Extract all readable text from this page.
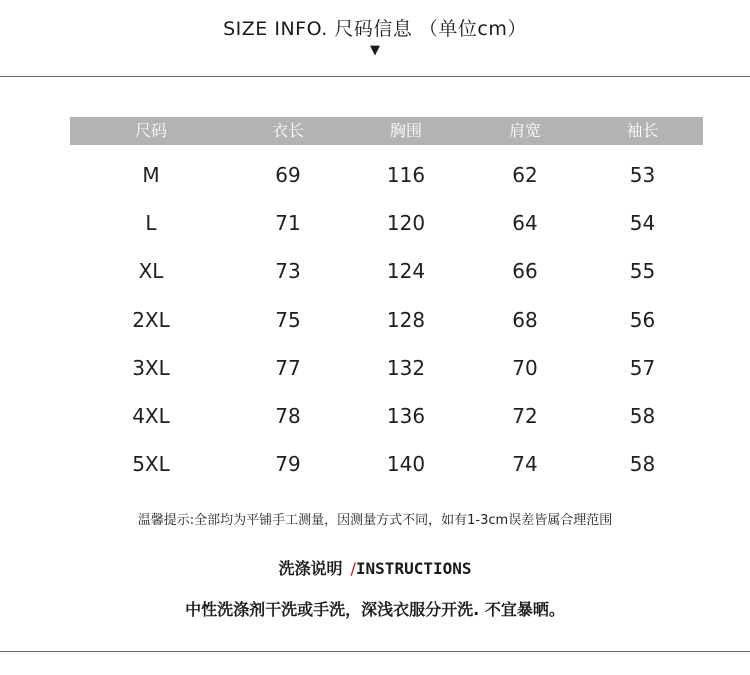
SIZE INFO. 尺码信息 （单位cm）
▼
尺码	衣长	胸围	肩宽	袖长
M	69	116	62	53
L	71	120	64	54
XL	73	124	66	55
2XL	75	128	68	56
3XL	77	132	70	57
4XL	78	136	72	58
5XL	79	140	74	58
温馨提示:全部均为平铺手工测量，因测量方式不同，如有1-3cm误差皆属合理范围
洗涤说明 /INSTRUCTIONS
中性洗涤剂干洗或手洗，深浅衣服分开洗. 不宜暴晒。
